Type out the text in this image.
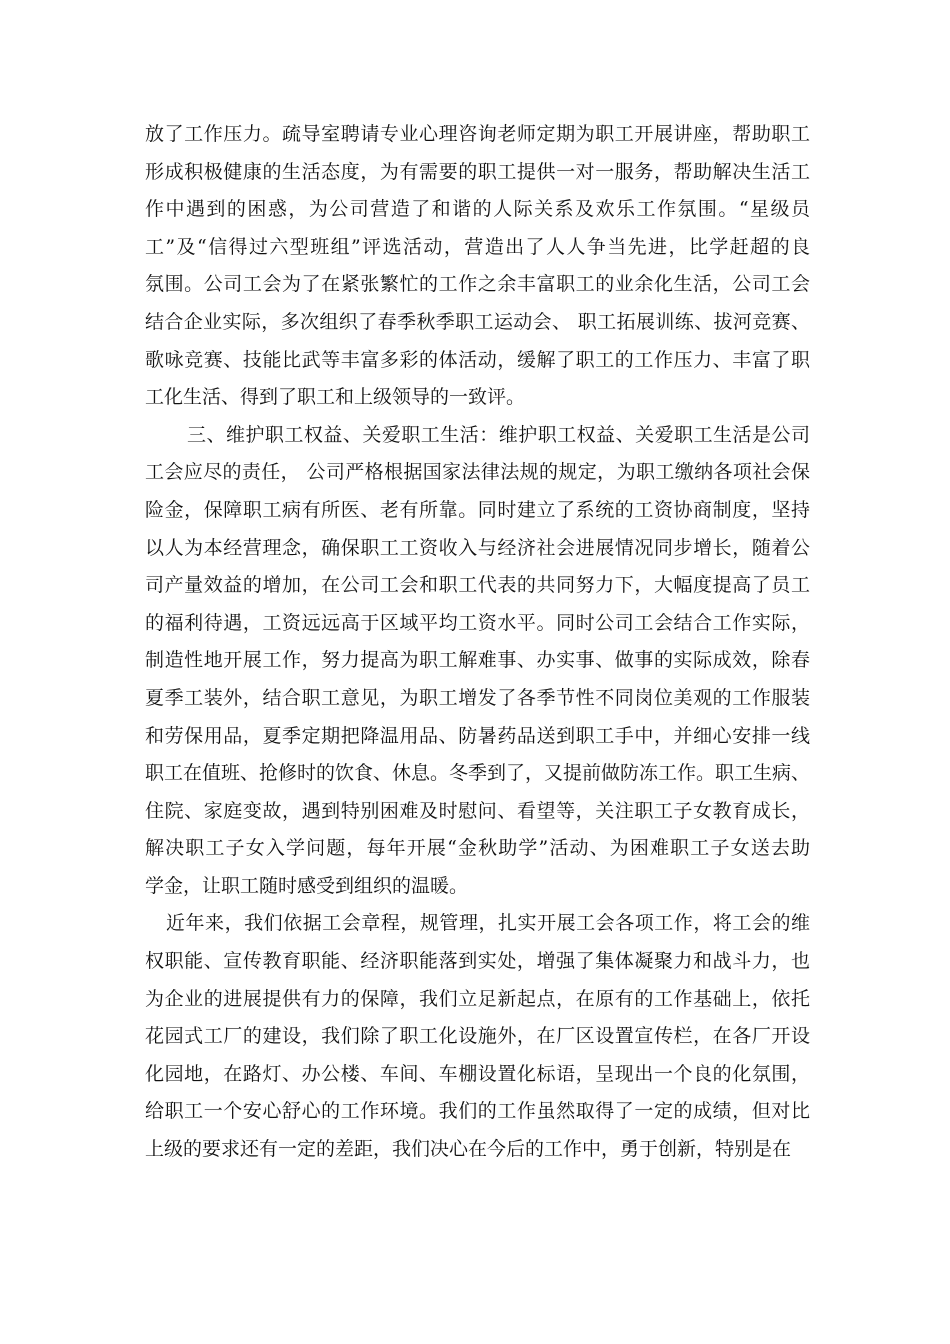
放了工作压力。疏导室聘请专业心理咨询老师定期为职工开展讲座，帮助职工
形成积极健康的生活态度，为有需要的职工提供一对一服务，帮助解决生活工
作中遇到的困惑，为公司营造了和谐的人际关系及欢乐工作氛围。“星级员
工”及“信得过六型班组”评选活动，营造出了人人争当先进，比学赶超的良
氛围。公司工会为了在紧张繁忙的工作之余丰富职工的业余化生活，公司工会
结合企业实际，多次组织了春季秋季职工运动会、 职工拓展训练、拔河竞赛、
歌咏竞赛、技能比武等丰富多彩的体活动，缓解了职工的工作压力、丰富了职
工化生活、得到了职工和上级领导的一致评。
三、维护职工权益、关爱职工生活：维护职工权益、关爱职工生活是公司
工会应尽的责任， 公司严格根据国家法律法规的规定，为职工缴纳各项社会保
险金，保障职工病有所医、老有所靠。同时建立了系统的工资协商制度，坚持
以人为本经营理念，确保职工工资收入与经济社会进展情况同步增长，随着公
司产量效益的增加，在公司工会和职工代表的共同努力下，大幅度提高了员工
的福利待遇，工资远远高于区域平均工资水平。同时公司工会结合工作实际，
制造性地开展工作，努力提高为职工解难事、办实事、做事的实际成效，除春
夏季工装外，结合职工意见，为职工增发了各季节性不同岗位美观的工作服装
和劳保用品，夏季定期把降温用品、防暑药品送到职工手中，并细心安排一线
职工在值班、抢修时的饮食、休息。冬季到了，又提前做防冻工作。职工生病、
住院、家庭变故，遇到特别困难及时慰问、看望等，关注职工子女教育成长，
解决职工子女入学问题，每年开展“金秋助学”活动、为困难职工子女送去助
学金，让职工随时感受到组织的温暖。
近年来，我们依据工会章程，规管理，扎实开展工会各项工作，将工会的维
权职能、宣传教育职能、经济职能落到实处，增强了集体凝聚力和战斗力，也
为企业的进展提供有力的保障，我们立足新起点，在原有的工作基础上，依托
花园式工厂的建设，我们除了职工化设施外，在厂区设置宣传栏，在各厂开设
化园地，在路灯、办公楼、车间、车棚设置化标语，呈现出一个良的化氛围，
给职工一个安心舒心的工作环境。我们的工作虽然取得了一定的成绩，但对比
上级的要求还有一定的差距，我们决心在今后的工作中，勇于创新，特别是在
